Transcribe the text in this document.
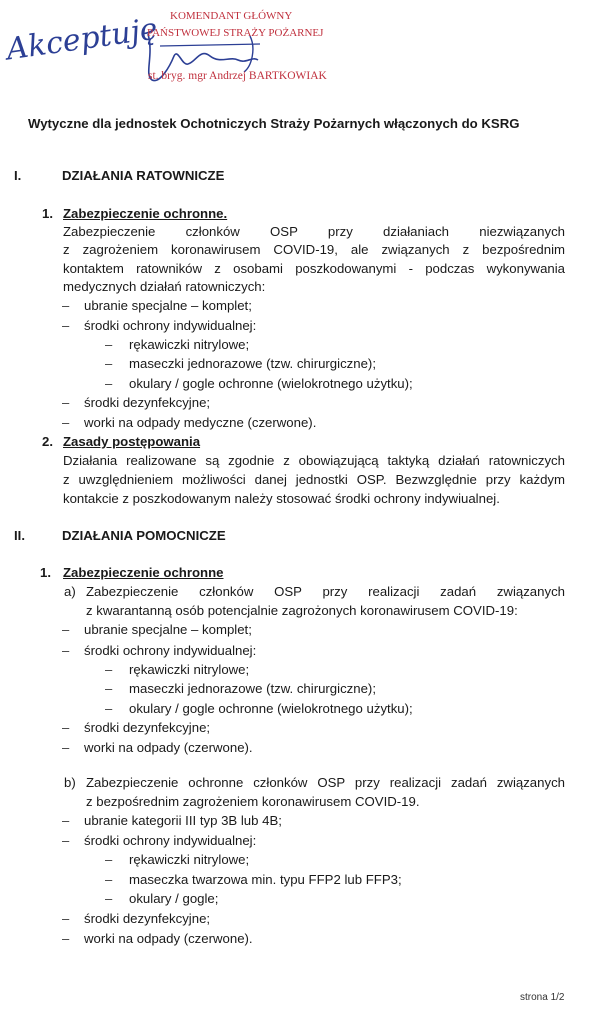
Akceptuję KOMENDANT GŁÓWNY
PAŃSTWOWEJ STRAŻY POŻARNEJ
st. bryg. mgr Andrzej BARTKOWIAK
Wytyczne dla jednostek Ochotniczych Straży Pożarnych włączonych do KSRG
I.	DZIAŁANIA RATOWNICZE
1. Zabezpieczenie ochronne.
Zabezpieczenie członków OSP przy działaniach niezwiązanych
z zagrożeniem koronawirusem COVID-19, ale związanych z bezpośrednim
kontaktem ratowników z osobami poszkodowanymi - podczas wykonywania
medycznych działań ratowniczych:
– ubranie specjalne – komplet;
– środki ochrony indywidualnej:
– rękawiczki nitrylowe;
– maseczki jednorazowe (tzw. chirurgiczne);
– okulary / gogle ochronne (wielokrotnego użytku);
– środki dezynfekcyjne;
– worki na odpady medyczne (czerwone).
2. Zasady postępowania
Działania realizowane są zgodnie z obowiązującą taktyką działań ratowniczych
z uwzględnieniem możliwości danej jednostki OSP. Bezwzględnie przy każdym
kontakcie z poszkodowanym należy stosować środki ochrony indywiualnej.
II.	DZIAŁANIA POMOCNICZE
1. Zabezpieczenie ochronne
a) Zabezpieczenie członków OSP przy realizacji zadań związanych
z kwarantanną osób potencjalnie zagrożonych koronawirusem COVID-19:
– ubranie specjalne – komplet;
– środki ochrony indywidualnej:
– rękawiczki nitrylowe;
– maseczki jednorazowe (tzw. chirurgiczne);
– okulary / gogle ochronne (wielokrotnego użytku);
– środki dezynfekcyjne;
– worki na odpady (czerwone).
b) Zabezpieczenie ochronne członków OSP przy realizacji zadań związanych
z bezpośrednim zagrożeniem koronawirusem COVID-19.
– ubranie kategorii III typ 3B lub 4B;
– środki ochrony indywidualnej:
– rękawiczki nitrylowe;
– maseczka twarzowa min. typu FFP2 lub FFP3;
– okulary / gogle;
– środki dezynfekcyjne;
– worki na odpady (czerwone).
strona 1/2
